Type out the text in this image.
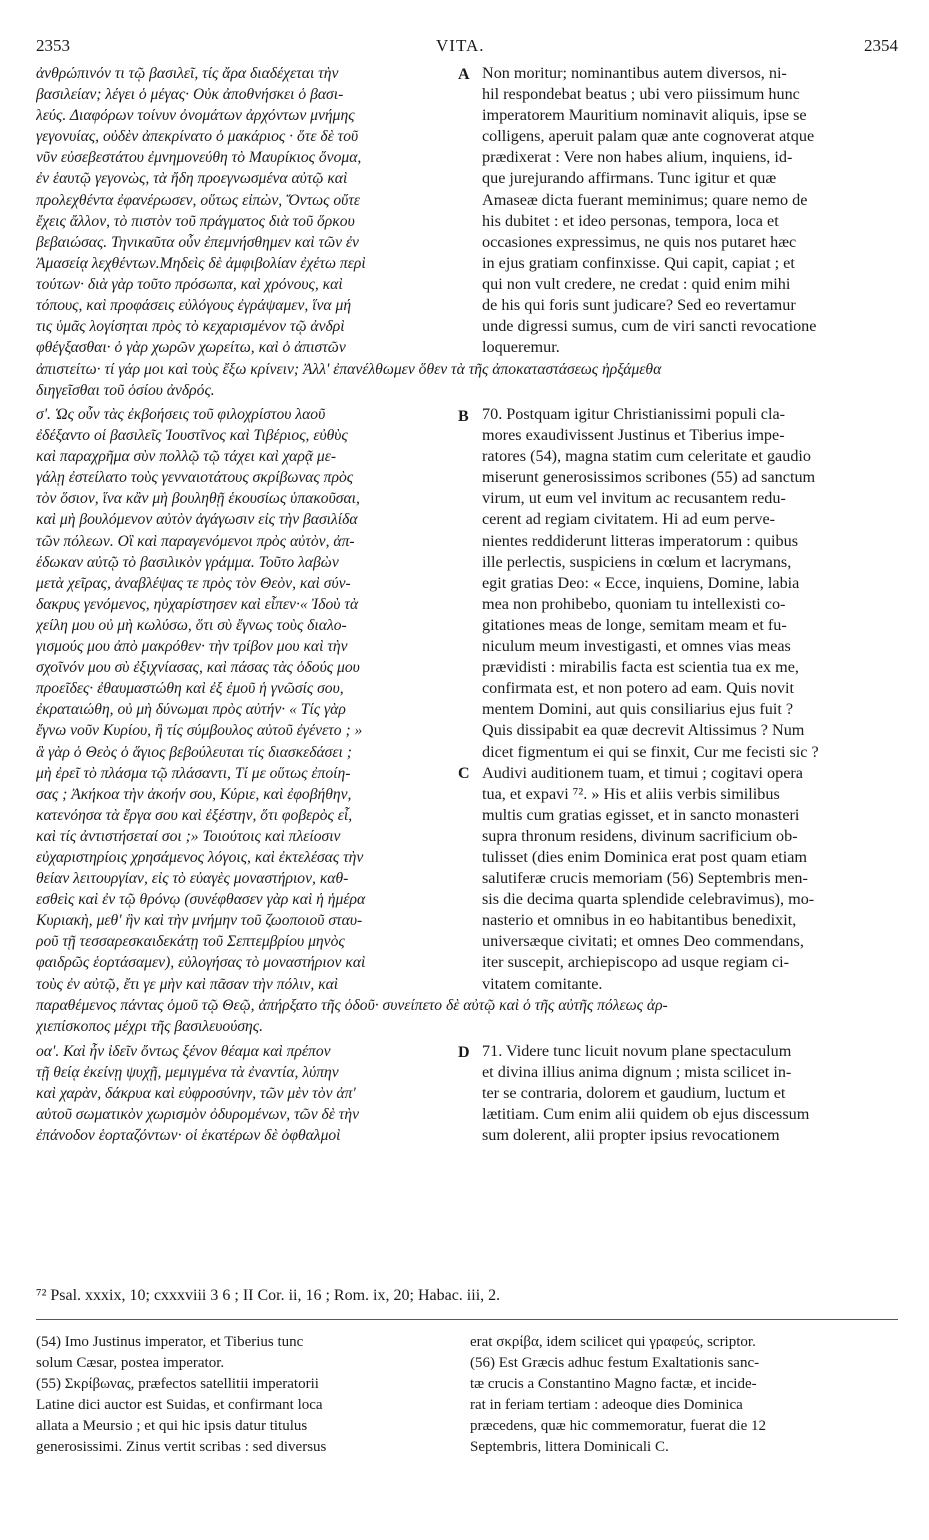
2353	VITA.	2354
ἀνθρώπινόν τι τῷ βασιλεῖ, τίς ἄρα διαδέχεται τὴν
βασιλείαν; λέγει ὁ μέγας· Οὐκ ἀποθνήσκει ὁ βασι-
λεύς. Διαφόρων τοίνυν ὀνομάτων ἀρχόντων μνήμης
γεγονυίας, οὐδὲν ἀπεκρίνατο ὁ μακάριος · ὅτε δὲ τοῦ
νῦν εὐσεβεστάτου ἐμνημονεύθη τὸ Μαυρίκιος ὄνομα,
ἐν ἑαυτῷ γεγονὼς, τὰ ἤδη προεγνωσμένα αὐτῷ καὶ
προλεχθέντα ἐφανέρωσεν, οὕτως εἰπὼν, Ὄντως οὔτε
ἔχεις ἄλλον, τὸ πιστὸν τοῦ πράγματος διὰ τοῦ ὅρκου
βεβαιώσας. Τηνικαῦτα οὖν ἐπεμνήσθημεν καὶ τῶν ἐν
Ἀμασείᾳ λεχθέντων.Μηδεὶς δὲ ἀμφιβολίαν ἐχέτω περὶ
τούτων· διὰ γὰρ τοῦτο πρόσωπα, καὶ χρόνους, καὶ
τόπους, καὶ προφάσεις εὐλόγους ἐγράψαμεν, ἵνα μή
τις ὑμᾶς λογίσηται πρὸς τὸ κεχαρισμένον τῷ ἀνδρὶ
φθέγξασθαι· ὁ γὰρ χωρῶν χωρείτω, καὶ ὁ ἀπιστῶν
Non moritur; nominantibus autem diversos, ni-
hil respondebat beatus ; ubi vero piissimum hunc
imperatorem Mauritium nominavit aliquis, ipse se
colligens, aperuit palam quæ ante cognoverat atque
prædixerat : Vere non habes alium, inquiens, id-
que jurejurando affirmans. Tunc igitur et quæ
Amaseæ dicta fuerant meminimus; quare nemo de
his dubitet : et ideo personas, tempora, loca et
occasiones expressimus, ne quis nos putaret hæc
in ejus gratiam confinxisse. Qui capit, capiat ; et
qui non vult credere, ne credat : quid enim mihi
de his qui foris sunt judicare? Sed eo revertamur
unde digressi sumus, cum de viri sancti revocatione
loqueremur.
A
ἀπιστείτω· τί γάρ μοι καὶ τοὺς ἔξω κρίνειν; Ἀλλ' ἐπανέλθωμεν ὅθεν τὰ τῆς ἀποκαταστάσεως ἠρξάμεθα
διηγεῖσθαι τοῦ ὁσίου ἀνδρός.
σ'. Ὡς οὖν τὰς ἐκβοήσεις τοῦ φιλοχρίστου λαοῦ
ἐδέξαντο οἱ βασιλεῖς Ἰουστῖνος καὶ Τιβέριος, εὐθὺς
καὶ παραχρῆμα σὺν πολλῷ τῷ τάχει καὶ χαρᾷ με-
γάλῃ ἐστείλατο τοὺς γενναιοτάτους σκρίβωνας πρὸς
τὸν ὅσιον, ἵνα κἂν μὴ βουληθῇ ἑκουσίως ὑπακοῦσαι,
καὶ μὴ βουλόμενον αὐτὸν ἀγάγωσιν εἰς τὴν βασιλίδα
τῶν πόλεων. Οἳ καὶ παραγενόμενοι πρὸς αὐτὸν, ἀπ-
έδωκαν αὐτῷ τὸ βασιλικὸν γράμμα. Τοῦτο λαβὼν
μετὰ χεῖρας, ἀναβλέψας τε πρὸς τὸν Θεὸν, καὶ σύν-
δακρυς γενόμενος, ηὐχαρίστησεν καὶ εἶπεν·« Ἰδοὺ τὰ
χείλη μου οὐ μὴ κωλύσω, ὅτι σὺ ἔγνως τοὺς διαλο-
γισμούς μου ἀπὸ μακρόθεν· τὴν τρίβον μου καὶ τὴν
σχοῖνόν μου σὺ ἐξιχνίασας, καὶ πάσας τὰς ὁδούς μου
προεῖδες· ἐθαυμαστώθη καὶ ἐξ ἐμοῦ ἡ γνῶσίς σου,
ἐκραταιώθη, οὐ μὴ δύνωμαι πρὸς αὐτήν· « Τίς γὰρ
ἔγνω νοῦν Κυρίου, ἢ τίς σύμβουλος αὐτοῦ ἐγένετο ; »
ἃ γὰρ ὁ Θεὸς ὁ ἅγιος βεβούλευται τίς διασκεδάσει ;
μὴ ἐρεῖ τὸ πλάσμα τῷ πλάσαντι, Τί με οὕτως ἐποίη-
σας ; Ἀκήκοα τὴν ἀκοήν σου, Κύριε, καὶ ἐφοβήθην,
κατενόησα τὰ ἔργα σου καὶ ἐξέστην, ὅτι φοβερὸς εἶ,
καὶ τίς ἀντιστήσεταί σοι ;» Τοιούτοις καὶ πλείοσιν
εὐχαριστηρίοις χρησάμενος λόγοις, καὶ ἐκτελέσας τὴν
θείαν λειτουργίαν, εἰς τὸ εὐαγὲς μοναστήριον, καθ-
εσθεὶς καὶ ἐν τῷ θρόνῳ (συνέφθασεν γὰρ καὶ ἡ ἡμέρα
Κυριακὴ, μεθ' ἣν καὶ τὴν μνήμην τοῦ ζωοποιοῦ σταυ-
ροῦ τῇ τεσσαρεσκαιδεκάτῃ τοῦ Σεπτεμβρίου μηνὸς
φαιδρῶς ἑορτάσαμεν), εὐλογήσας τὸ μοναστήριον καὶ
τοὺς ἐν αὐτῷ, ἔτι γε μὴν καὶ πᾶσαν τὴν πόλιν, καὶ
70. Postquam igitur Christianissimi populi cla-
mores exaudivissent Justinus et Tiberius impe-
ratores (54), magna statim cum celeritate et gaudio
miserunt generosissimos scribones (55) ad sanctum
virum, ut eum vel invitum ac recusantem redu-
cerent ad regiam civitatem. Hi ad eum perve-
nientes reddiderunt litteras imperatorum : quibus
ille perlectis, suspiciens in cœlum et lacrymans,
egit gratias Deo: « Ecce, inquiens, Domine, labia
mea non prohibebo, quoniam tu intellexisti co-
gitationes meas de longe, semitam meam et fu-
niculum meum investigasti, et omnes vias meas
prævidisti : mirabilis facta est scientia tua ex me,
confirmata est, et non potero ad eam. Quis novit
mentem Domini, aut quis consiliarius ejus fuit ?
Quis dissipabit ea quæ decrevit Altissimus ? Num
dicet figmentum ei qui se finxit, Cur me fecisti sic ?
Audivi auditionem tuam, et timui ; cogitavi opera
tua, et expavi ⁷². » His et aliis verbis similibus
multis cum gratias egisset, et in sancto monasteri
supra thronum residens, divinum sacrificium ob-
tulisset (dies enim Dominica erat post quam etiam
salutiferæ crucis memoriam (56) Septembris men-
sis die decima quarta splendide celebravimus), mo-
nasterio et omnibus in eo habitantibus benedixit,
universæque civitati; et omnes Deo commendans,
iter suscepit, archiepiscopo ad usque regiam ci-
vitatem comitante.
B
C
παραθέμενος πάντας ὁμοῦ τῷ Θεῷ, ἀπήρξατο τῆς ὁδοῦ· συνείπετο δὲ αὐτῷ καὶ ὁ τῆς αὐτῆς πόλεως ἀρ-
χιεπίσκοπος μέχρι τῆς βασιλευούσης.
οα'. Καὶ ἦν ἰδεῖν ὄντως ξένον θέαμα καὶ πρέπον
τῇ θείᾳ ἐκείνῃ ψυχῇ, μεμιγμένα τὰ ἐναντία, λύπην
καὶ χαρὰν, δάκρυα καὶ εὐφροσύνην, τῶν μὲν τὸν ἀπ'
αὐτοῦ σωματικὸν χωρισμὸν ὀδυρομένων, τῶν δὲ τὴν
ἐπάνοδον ἑορταζόντων· οἱ ἑκατέρων δὲ ὀφθαλμοὶ
71. Videre tunc licuit novum plane spectaculum
et divina illius anima dignum ; mista scilicet in-
ter se contraria, dolorem et gaudium, luctum et
lætitiam. Cum enim alii quidem ob ejus discessum
sum dolerent, alii propter ipsius revocationem
D
⁷² Psal. xxxix, 10; cxxxviii 3 6 ; II Cor. ii, 16 ; Rom. ix, 20; Habac. iii, 2.
(54) Imo Justinus imperator, et Tiberius tunc
solum Cæsar, postea imperator.
(55) Σκρίβωνας, præfectos satellitii imperatorii
Latine dici auctor est Suidas, et confirmant loca
allata a Meursio ; et qui hic ipsis datur titulus
generosissimi. Zinus vertit scribas : sed diversus
erat σκρίβα, idem scilicet qui γραφεύς, scriptor.
(56) Est Græcis adhuc festum Exaltationis sanc-
tæ crucis a Constantino Magno factæ, et incide-
rat in feriam tertiam : adeoque dies Dominica
præcedens, quæ hic commemoratur, fuerat die 12
Septembris, littera Dominicali C.
